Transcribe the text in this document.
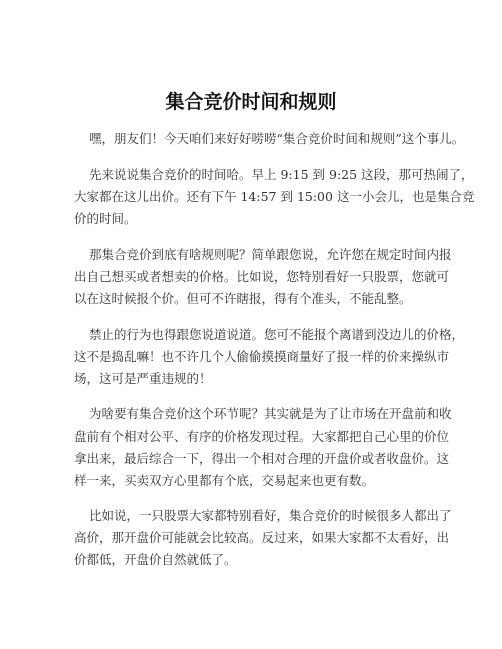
集合竞价时间和规则
嘿，朋友们！今天咱们来好好唠唠“集合竞价时间和规则”这个事儿。
先来说说集合竞价的时间哈。早上 9:15 到 9:25 这段，那可热闹了，
大家都在这儿出价。还有下午 14:57 到 15:00 这一小会儿，也是集合竞
价的时间。
那集合竞价到底有啥规则呢？简单跟您说，允许您在规定时间内报
出自己想买或者想卖的价格。比如说，您特别看好一只股票，您就可
以在这时候报个价。但可不许瞎报，得有个准头，不能乱整。
禁止的行为也得跟您说道说道。您可不能报个离谱到没边儿的价格，
这不是捣乱嘛！也不许几个人偷偷摸摸商量好了报一样的价来操纵市
场，这可是严重违规的！
为啥要有集合竞价这个环节呢？其实就是为了让市场在开盘前和收
盘前有个相对公平、有序的价格发现过程。大家都把自己心里的价位
拿出来，最后综合一下，得出一个相对合理的开盘价或者收盘价。这
样一来，买卖双方心里都有个底，交易起来也更有数。
比如说，一只股票大家都特别看好，集合竞价的时候很多人都出了
高价，那开盘价可能就会比较高。反过来，如果大家都不太看好，出
价都低，开盘价自然就低了。
